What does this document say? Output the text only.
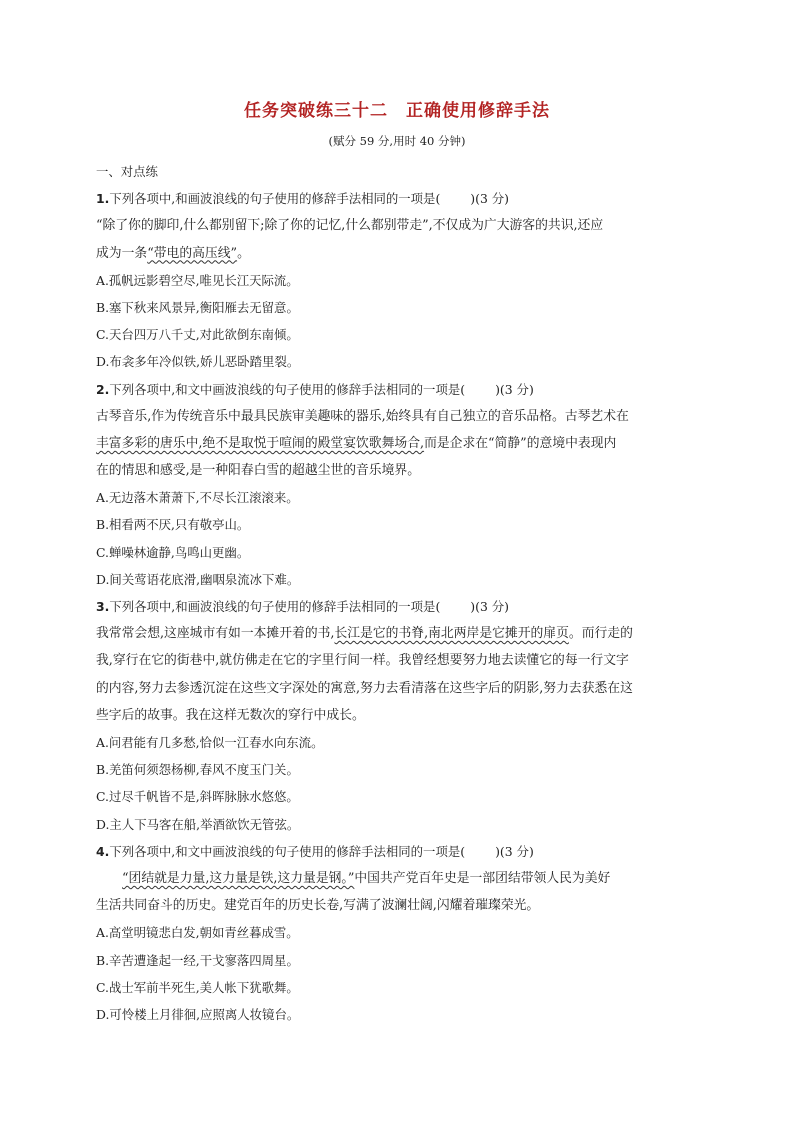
任务突破练三十二　正确使用修辞手法
(赋分 59 分,用时 40 分钟)
一、对点练
1.下列各项中,和画波浪线的句子使用的修辞手法相同的一项是( )(3 分)
“除了你的脚印,什么都别留下;除了你的记忆,什么都别带走”,不仅成为广大游客的共识,还应
成为一条“带电的高压线”。
A.孤帆远影碧空尽,唯见长江天际流。
B.塞下秋来风景异,衡阳雁去无留意。
C.天台四万八千丈,对此欲倒东南倾。
D.布衾多年冷似铁,娇儿恶卧踏里裂。
2.下列各项中,和文中画波浪线的句子使用的修辞手法相同的一项是( )(3 分)
古琴音乐,作为传统音乐中最具民族审美趣味的器乐,始终具有自己独立的音乐品格。古琴艺术在
丰富多彩的唐乐中,绝不是取悦于喧闹的殿堂宴饮歌舞场合,而是企求在“简静”的意境中表现内
在的情思和感受,是一种阳春白雪的超越尘世的音乐境界。
A.无边落木萧萧下,不尽长江滚滚来。
B.相看两不厌,只有敬亭山。
C.蝉噪林逾静,鸟鸣山更幽。
D.间关莺语花底滑,幽咽泉流冰下难。
3.下列各项中,和画波浪线的句子使用的修辞手法相同的一项是( )(3 分)
我常常会想,这座城市有如一本摊开着的书,长江是它的书脊,南北两岸是它摊开的扉页。而行走的
我,穿行在它的街巷中,就仿佛走在它的字里行间一样。我曾经想要努力地去读懂它的每一行文字
的内容,努力去参透沉淀在这些文字深处的寓意,努力去看清落在这些字后的阴影,努力去获悉在这
些字后的故事。我在这样无数次的穿行中成长。
A.问君能有几多愁,恰似一江春水向东流。
B.羌笛何须怨杨柳,春风不度玉门关。
C.过尽千帆皆不是,斜晖脉脉水悠悠。
D.主人下马客在船,举酒欲饮无管弦。
4.下列各项中,和文中画波浪线的句子使用的修辞手法相同的一项是( )(3 分)
“团结就是力量,这力量是铁,这力量是钢。”中国共产党百年史是一部团结带领人民为美好
生活共同奋斗的历史。建党百年的历史长卷,写满了波澜壮阔,闪耀着璀璨荣光。
A.高堂明镜悲白发,朝如青丝暮成雪。
B.辛苦遭逢起一经,干戈寥落四周星。
C.战士军前半死生,美人帐下犹歌舞。
D.可怜楼上月徘徊,应照离人妆镜台。
